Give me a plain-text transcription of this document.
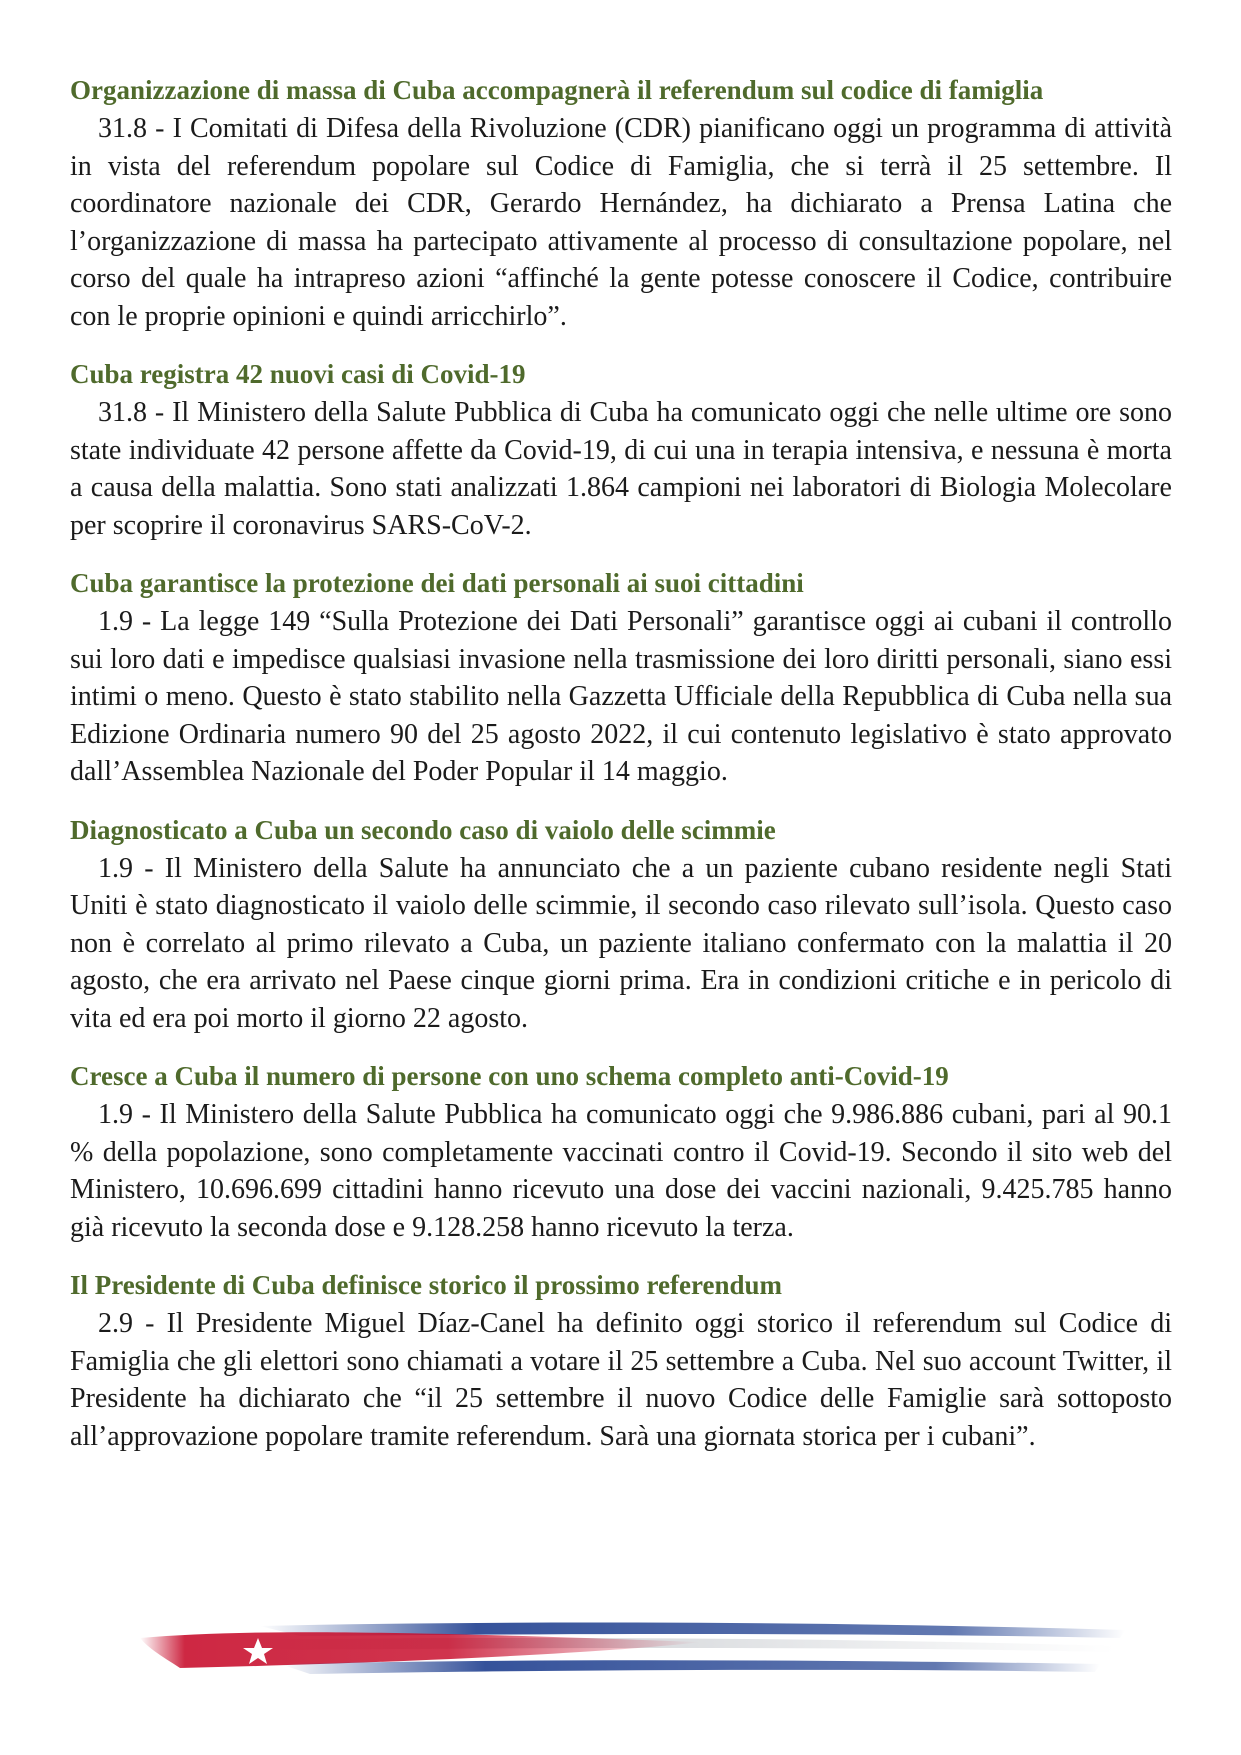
Organizzazione di massa di Cuba accompagnerà il referendum sul codice di famiglia

31.8 - I Comitati di Difesa della Rivoluzione (CDR) pianificano oggi un programma di attività in vista del referendum popolare sul Codice di Famiglia, che si terrà il 25 settembre. Il coordinatore nazionale dei CDR, Gerardo Hernández, ha dichiarato a Prensa Latina che l’organizzazione di massa ha partecipato attivamente al processo di consultazione popolare, nel corso del quale ha intrapreso azioni “affinché la gente potesse conoscere il Codice, contribuire con le proprie opinioni e quindi arricchirlo”.

Cuba registra 42 nuovi casi di Covid-19

31.8 - Il Ministero della Salute Pubblica di Cuba ha comunicato oggi che nelle ultime ore sono state individuate 42 persone affette da Covid-19, di cui una in terapia intensiva, e nessuna è morta a causa della malattia. Sono stati analizzati 1.864 campioni nei laboratori di Biologia Molecolare per scoprire il coronavirus SARS-CoV-2.

Cuba garantisce la protezione dei dati personali ai suoi cittadini

1.9 - La legge 149 “Sulla Protezione dei Dati Personali” garantisce oggi ai cubani il controllo sui loro dati e impedisce qualsiasi invasione nella trasmissione dei loro diritti personali, siano essi intimi o meno. Questo è stato stabilito nella Gazzetta Ufficiale della Repubblica di Cuba nella sua Edizione Ordinaria numero 90 del 25 agosto 2022, il cui contenuto legislativo è stato approvato dall’Assemblea Nazionale del Poder Popular il 14 maggio.

Diagnosticato a Cuba un secondo caso di vaiolo delle scimmie

1.9 - Il Ministero della Salute ha annunciato che a un paziente cubano residente negli Stati Uniti è stato diagnosticato il vaiolo delle scimmie, il secondo caso rilevato sull’isola. Questo caso non è correlato al primo rilevato a Cuba, un paziente italiano confermato con la malattia il 20 agosto, che era arrivato nel Paese cinque giorni prima. Era in condizioni critiche e in pericolo di vita ed era poi morto il giorno 22 agosto.

Cresce a Cuba il numero di persone con uno schema completo anti-Covid-19

1.9 - Il Ministero della Salute Pubblica ha comunicato oggi che 9.986.886 cubani, pari al 90.1 % della popolazione, sono completamente vaccinati contro il Covid-19. Secondo il sito web del Ministero, 10.696.699 cittadini hanno ricevuto una dose dei vaccini nazionali, 9.425.785 hanno già ricevuto la seconda dose e 9.128.258 hanno ricevuto la terza.

Il Presidente di Cuba definisce storico il prossimo referendum

2.9 - Il Presidente Miguel Díaz-Canel ha definito oggi storico il referendum sul Codice di Famiglia che gli elettori sono chiamati a votare il 25 settembre a Cuba. Nel suo account Twitter, il Presidente ha dichiarato che “il 25 settembre il nuovo Codice delle Famiglie sarà sottoposto all’approvazione popolare tramite referendum. Sarà una giornata storica per i cubani”.
